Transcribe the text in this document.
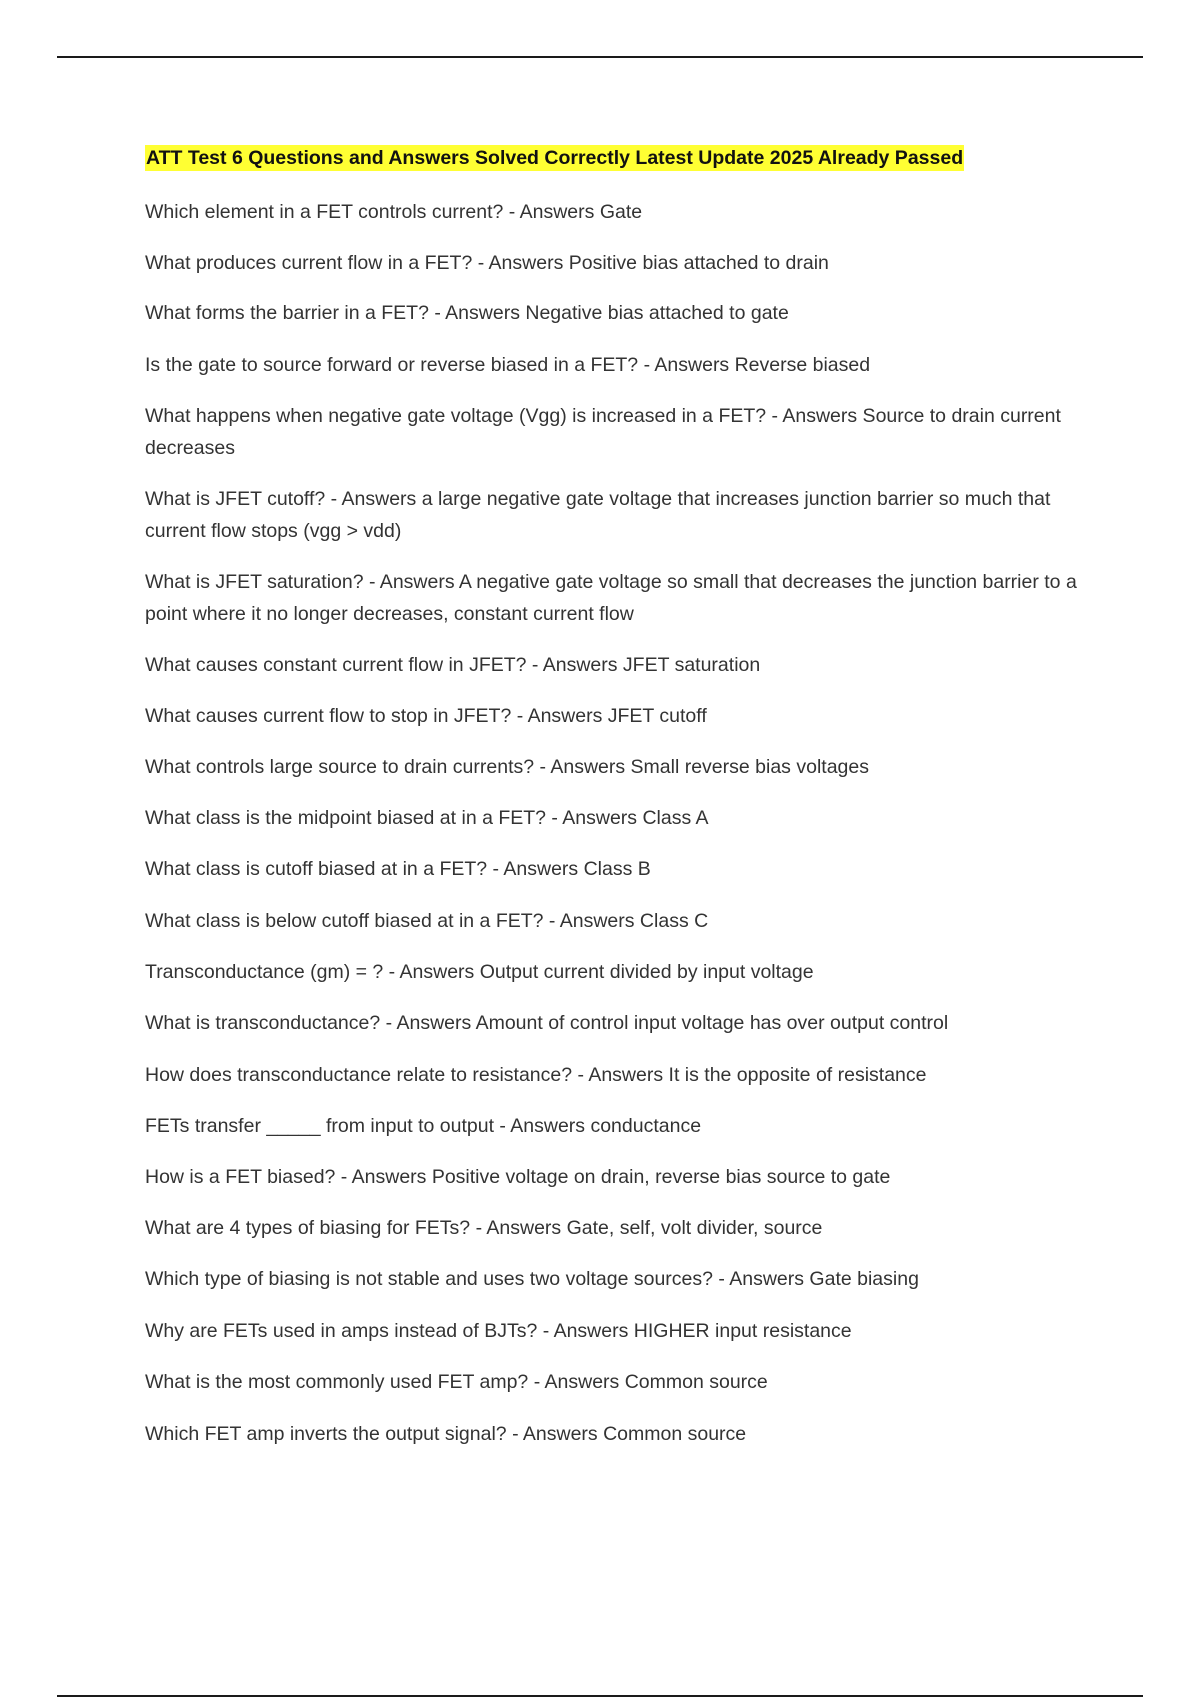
ATT Test 6 Questions and Answers Solved Correctly Latest Update 2025 Already Passed
Which element in a FET controls current? - Answers Gate
What produces current flow in a FET? - Answers Positive bias attached to drain
What forms the barrier in a FET? - Answers Negative bias attached to gate
Is the gate to source forward or reverse biased in a FET? - Answers Reverse biased
What happens when negative gate voltage (Vgg) is increased in a FET? - Answers Source to drain current decreases
What is JFET cutoff? - Answers a large negative gate voltage that increases junction barrier so much that current flow stops (vgg > vdd)
What is JFET saturation? - Answers A negative gate voltage so small that decreases the junction barrier to a point where it no longer decreases, constant current flow
What causes constant current flow in JFET? - Answers JFET saturation
What causes current flow to stop in JFET? - Answers JFET cutoff
What controls large source to drain currents? - Answers Small reverse bias voltages
What class is the midpoint biased at in a FET? - Answers Class A
What class is cutoff biased at in a FET? - Answers Class B
What class is below cutoff biased at in a FET? - Answers Class C
Transconductance (gm) = ? - Answers Output current divided by input voltage
What is transconductance? - Answers Amount of control input voltage has over output control
How does transconductance relate to resistance? - Answers It is the opposite of resistance
FETs transfer _____ from input to output - Answers conductance
How is a FET biased? - Answers Positive voltage on drain, reverse bias source to gate
What are 4 types of biasing for FETs? - Answers Gate, self, volt divider, source
Which type of biasing is not stable and uses two voltage sources? - Answers Gate biasing
Why are FETs used in amps instead of BJTs? - Answers HIGHER input resistance
What is the most commonly used FET amp? - Answers Common source
Which FET amp inverts the output signal? - Answers Common source
